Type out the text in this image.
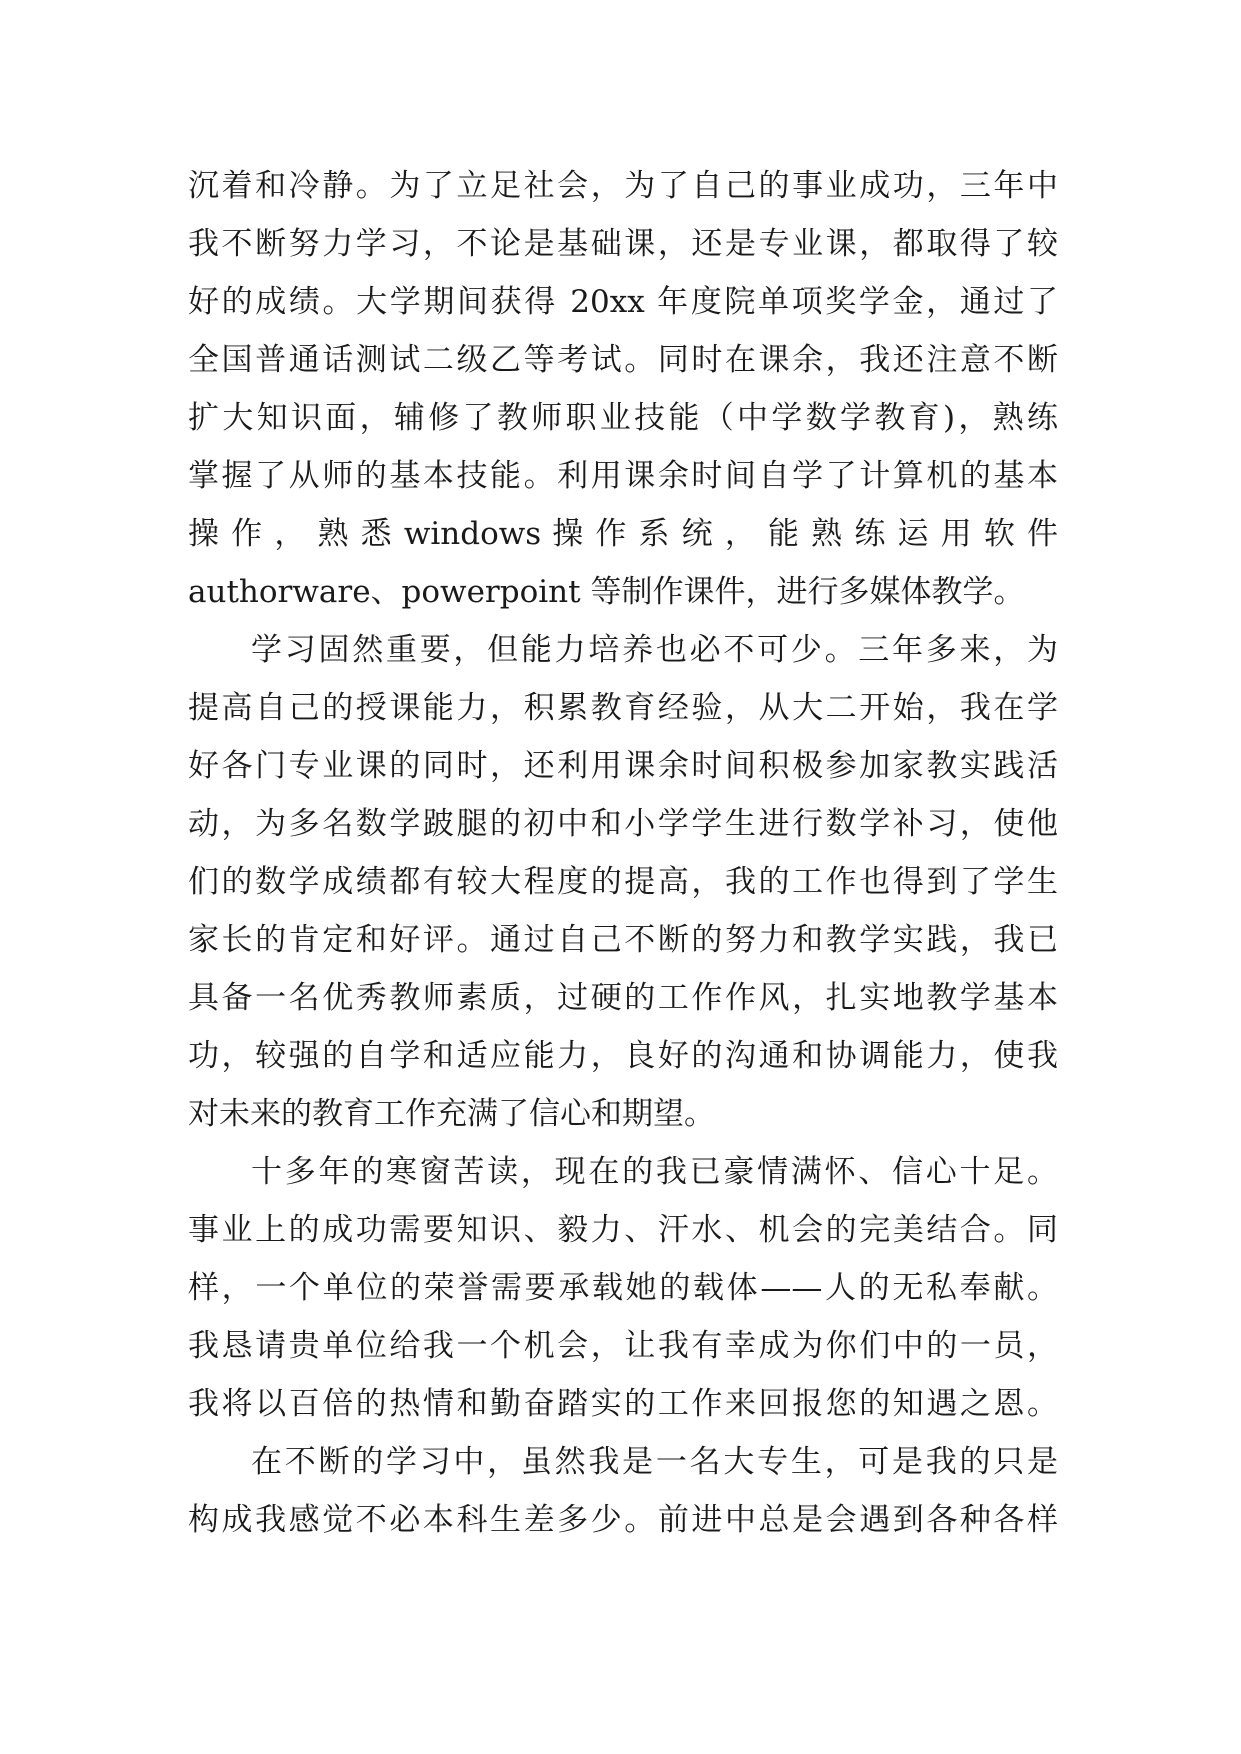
沉着和冷静。为了立足社会，为了自己的事业成功，三年中
我不断努力学习，不论是基础课，还是专业课，都取得了较
好的成绩。大学期间获得 20xx 年度院单项奖学金，通过了
全国普通话测试二级乙等考试。同时在课余，我还注意不断
扩大知识面，辅修了教师职业技能（中学数学教育)，熟练
掌握了从师的基本技能。利用课余时间自学了计算机的基本
操 作 ， 熟 悉 windows 操 作 系 统 ， 能 熟 练 运 用 软 件
authorware、powerpoint 等制作课件，进行多媒体教学。
学习固然重要，但能力培养也必不可少。三年多来，为
提高自己的授课能力，积累教育经验，从大二开始，我在学
好各门专业课的同时，还利用课余时间积极参加家教实践活
动，为多名数学跛腿的初中和小学学生进行数学补习，使他
们的数学成绩都有较大程度的提高，我的工作也得到了学生
家长的肯定和好评。通过自己不断的努力和教学实践，我已
具备一名优秀教师素质，过硬的工作作风，扎实地教学基本
功，较强的自学和适应能力，良好的沟通和协调能力，使我
对未来的教育工作充满了信心和期望。
十多年的寒窗苦读，现在的我已豪情满怀、信心十足。
事业上的成功需要知识、毅力、汗水、机会的完美结合。同
样，一个单位的荣誉需要承载她的载体——人的无私奉献。
我恳请贵单位给我一个机会，让我有幸成为你们中的一员，
我将以百倍的热情和勤奋踏实的工作来回报您的知遇之恩。
在不断的学习中，虽然我是一名大专生，可是我的只是
构成我感觉不必本科生差多少。前进中总是会遇到各种各样
